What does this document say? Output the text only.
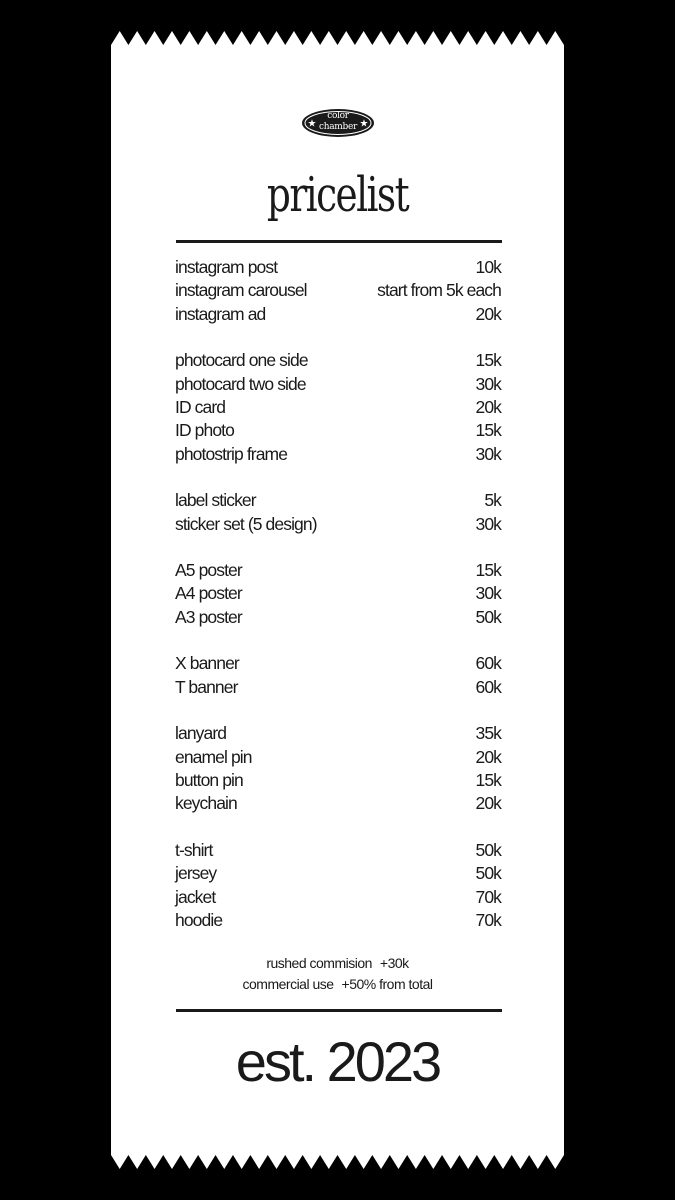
★	★
color
chamber
pricelist
instagram post	10k
instagram carousel	start from 5k each
instagram ad	20k
photocard one side	15k
photocard two side	30k
ID card	20k
ID photo	15k
photostrip frame	30k
label sticker	5k
sticker set (5 design)	30k
A5 poster	15k
A4 poster	30k
A3 poster	50k
X banner	60k
T banner	60k
lanyard	35k
enamel pin	20k
button pin	15k
keychain	20k
t-shirt	50k
jersey	50k
jacket	70k
hoodie	70k
rushed commision +30k
commercial use +50% from total
est. 2023
